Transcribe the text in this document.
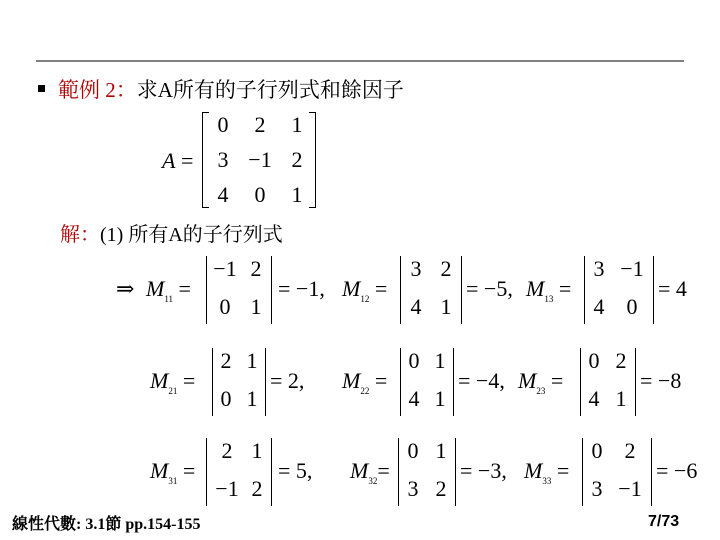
範例 2：求A所有的子行列式和餘因子
A =
0	2	1
3 −1 2
4	0	1
解：(1) 所有A的子行列式
⇒ $M_{11}$ =
−1 2
0 1
= −1, $M_{12}$ =
3 2
4 1
= −5, $M_{13}$ =
3 −1
4	0
= 4
$M_{21}$ =
2 1
0 1
= 2, $M_{22}$ =
0 1
4 1
= −4, $M_{23}$ =
0 2
4 1
= −8
$M_{31}$ =
2 1
−1 2
= 5, $M_{32}=$
0 1
3 2
= −3, $M_{33}$ =
0	2
3 −1
= −6
線性代數: 3.1節 pp.154-155	7/73
